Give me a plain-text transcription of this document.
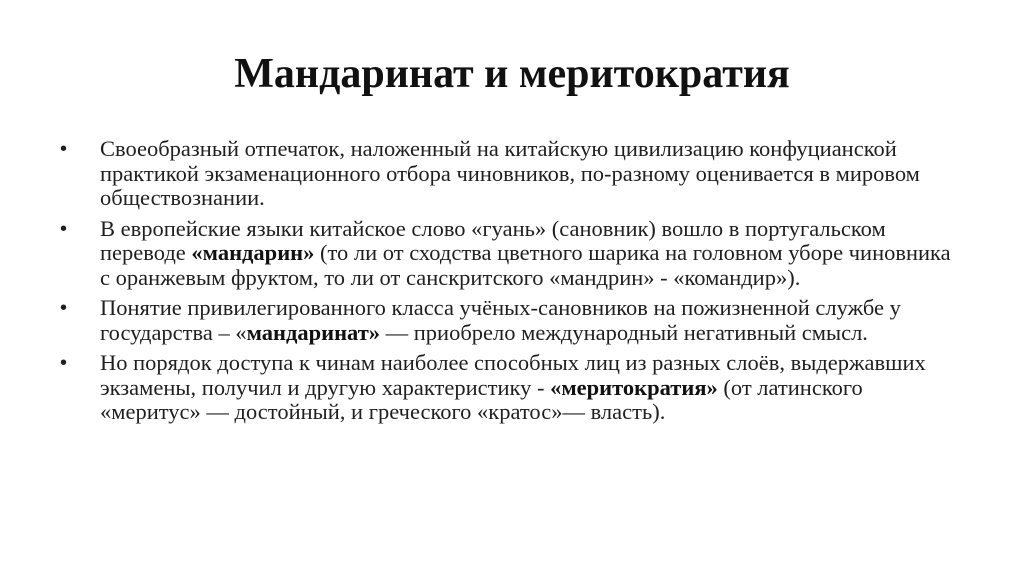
Мандаринат и меритократия
•	Своеобразный отпечаток, наложенный на китайскую цивилизацию конфуцианской практикой экзаменационного отбора чиновников, по-разному оценивается в мировом обществознании.
•	В европейские языки китайское слово «гуань» (сановник) вошло в португальском переводе «мандарин» (то ли от сходства цветного шарика на головном уборе чиновника с оранжевым фруктом, то ли от санскритского «мандрин» - «командир»).
•	Понятие привилегированного класса учёных-сановников на пожизненной службе у государства – «мандаринат» — приобрело международный негативный смысл.
•	Но порядок доступа к чинам наиболее способных лиц из разных слоёв, выдержавших экзамены, получил и другую характеристику - «меритократия» (от латинского «меритус» — достойный, и греческого «кратос»— власть).
